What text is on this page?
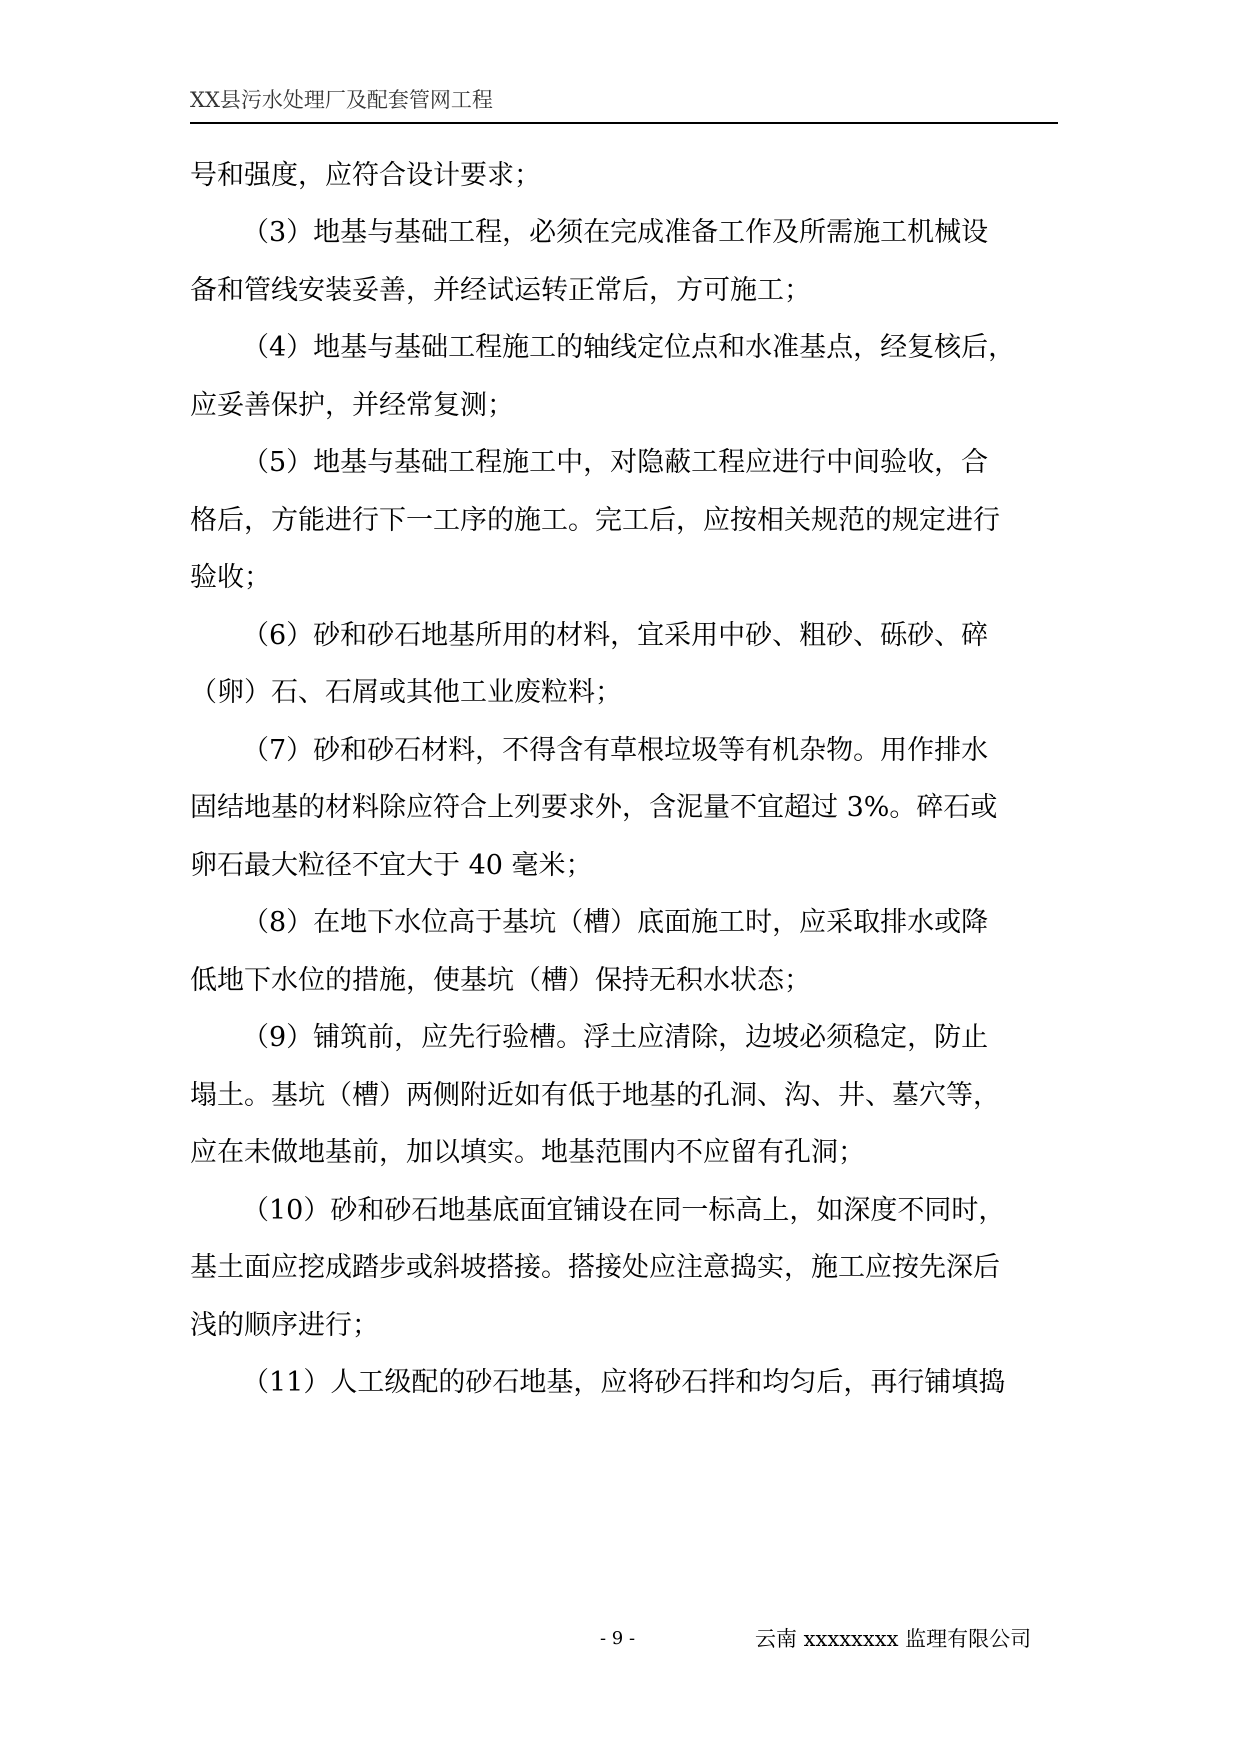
XX县污水处理厂及配套管网工程
号和强度，应符合设计要求；
（3）地基与基础工程，必须在完成准备工作及所需施工机械设
备和管线安装妥善，并经试运转正常后，方可施工；
（4）地基与基础工程施工的轴线定位点和水准基点，经复核后，
应妥善保护，并经常复测；
（5）地基与基础工程施工中，对隐蔽工程应进行中间验收，合
格后，方能进行下一工序的施工。完工后，应按相关规范的规定进行
验收；
（6）砂和砂石地基所用的材料，宜采用中砂、粗砂、砾砂、碎
（卵）石、石屑或其他工业废粒料；
（7）砂和砂石材料，不得含有草根垃圾等有机杂物。用作排水
固结地基的材料除应符合上列要求外，含泥量不宜超过 3%。碎石或
卵石最大粒径不宜大于 40 毫米；
（8）在地下水位高于基坑（槽）底面施工时，应采取排水或降
低地下水位的措施，使基坑（槽）保持无积水状态；
（9）铺筑前，应先行验槽。浮土应清除，边坡必须稳定，防止
塌土。基坑（槽）两侧附近如有低于地基的孔洞、沟、井、墓穴等，
应在未做地基前，加以填实。地基范围内不应留有孔洞；
（10）砂和砂石地基底面宜铺设在同一标高上，如深度不同时，
基土面应挖成踏步或斜坡搭接。搭接处应注意捣实，施工应按先深后
浅的顺序进行；
（11）人工级配的砂石地基，应将砂石拌和均匀后，再行铺填捣
- 9 -	云南 xxxxxxxx 监理有限公司
